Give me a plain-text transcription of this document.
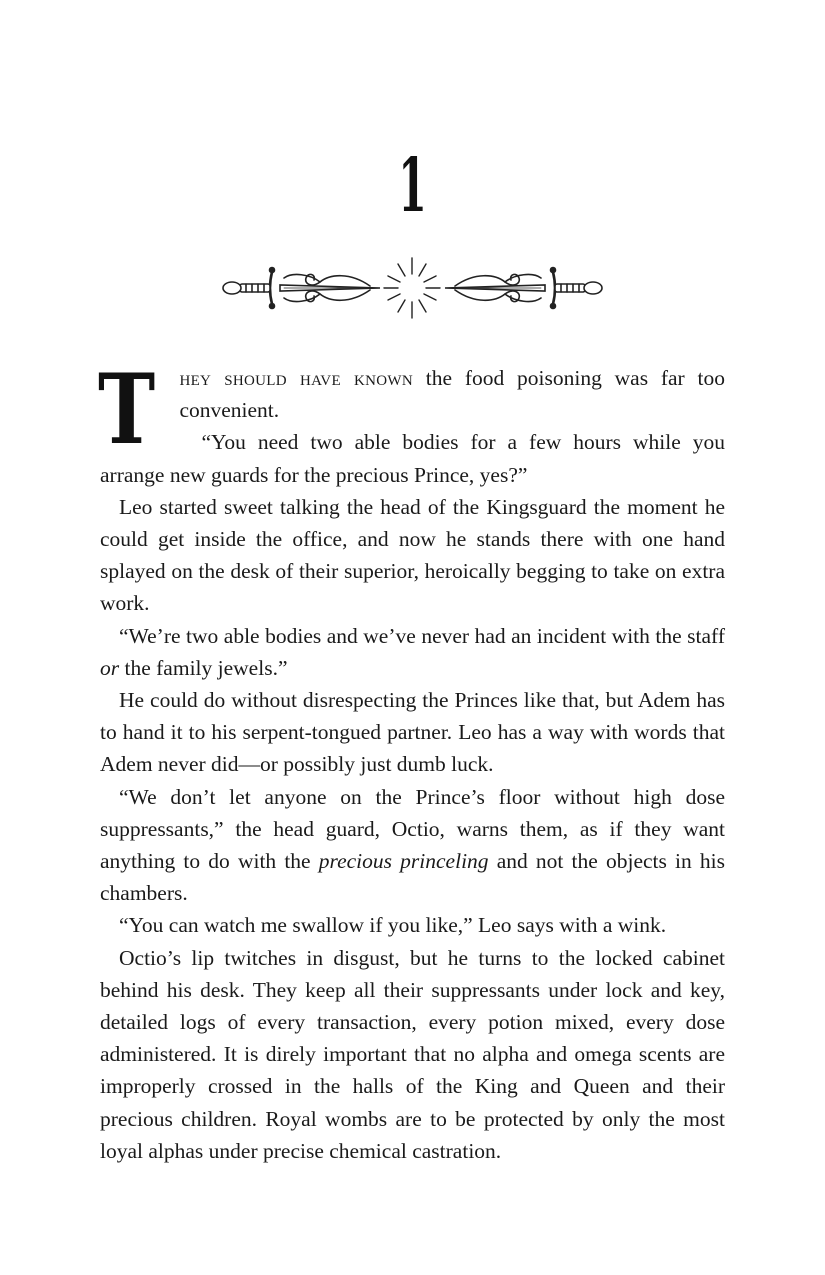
1

T hey should have known the food poisoning was far too convenient.

“You need two able bodies for a few hours while you arrange new guards for the precious Prince, yes?”

Leo started sweet talking the head of the Kingsguard the moment he could get inside the office, and now he stands there with one hand splayed on the desk of their superior, heroically begging to take on extra work.

“We’re two able bodies and we’ve never had an incident with the staff or the family jewels.”

He could do without disrespecting the Princes like that, but Adem has to hand it to his serpent-tongued partner. Leo has a way with words that Adem never did—or possibly just dumb luck.

“We don’t let anyone on the Prince’s floor without high dose suppressants,” the head guard, Octio, warns them, as if they want anything to do with the precious princeling and not the objects in his chambers.

“You can watch me swallow if you like,” Leo says with a wink.

Octio’s lip twitches in disgust, but he turns to the locked cabinet behind his desk. They keep all their suppressants under lock and key, detailed logs of every transaction, every potion mixed, every dose administered. It is direly important that no alpha and omega scents are improperly crossed in the halls of the King and Queen and their precious children. Royal wombs are to be protected by only the most loyal alphas under precise chemical castration.
